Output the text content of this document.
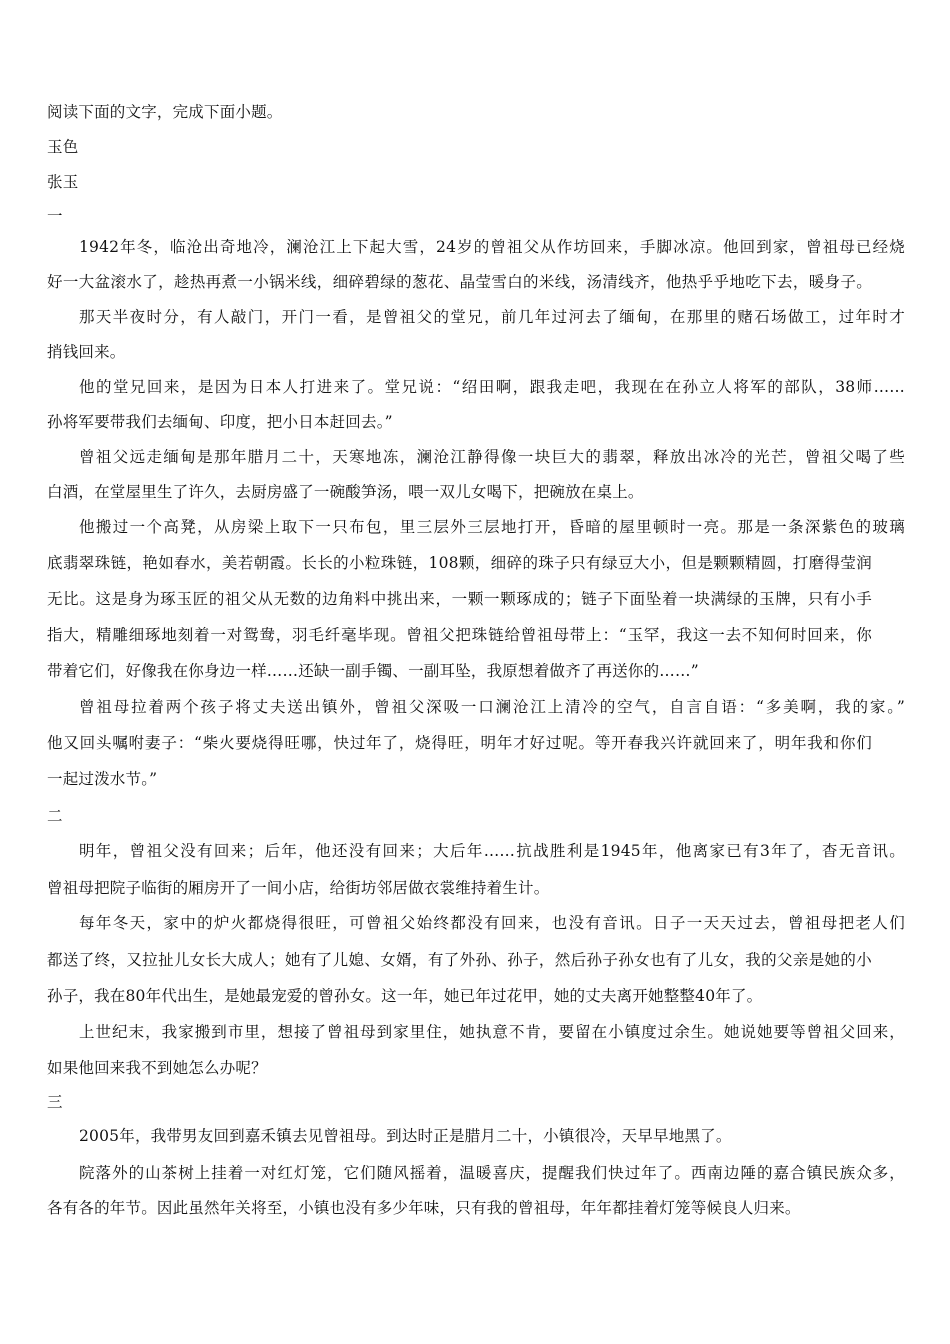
阅读下面的文字，完成下面小题。
玉色
张玉
一
1942年冬，临沧出奇地冷，澜沧江上下起大雪，24岁的曾祖父从作坊回来，手脚冰凉。他回到家，曾祖母已经烧
好一大盆滚水了，趁热再煮一小锅米线，细碎碧绿的葱花、晶莹雪白的米线，汤清线齐，他热乎乎地吃下去，暖身子。
那天半夜时分，有人敲门，开门一看，是曾祖父的堂兄，前几年过河去了缅甸，在那里的赌石场做工，过年时才
捎钱回来。
他的堂兄回来，是因为日本人打进来了。堂兄说：“绍田啊，跟我走吧，我现在在孙立人将军的部队，38师……
孙将军要带我们去缅甸、印度，把小日本赶回去。”
曾祖父远走缅甸是那年腊月二十，天寒地冻，澜沧江静得像一块巨大的翡翠，释放出冰冷的光芒，曾祖父喝了些
白酒，在堂屋里生了许久，去厨房盛了一碗酸笋汤，喂一双儿女喝下，把碗放在桌上。
他搬过一个高凳，从房梁上取下一只布包，里三层外三层地打开，昏暗的屋里顿时一亮。那是一条深紫色的玻璃
底翡翠珠链，艳如春水，美若朝霞。长长的小粒珠链，108颗，细碎的珠子只有绿豆大小，但是颗颗精圆，打磨得莹润
无比。这是身为琢玉匠的祖父从无数的边角料中挑出来，一颗一颗琢成的；链子下面坠着一块满绿的玉牌，只有小手
指大，精雕细琢地刻着一对鸳鸯，羽毛纤毫毕现。曾祖父把珠链给曾祖母带上：“玉罕，我这一去不知何时回来，你
带着它们，好像我在你身边一样……还缺一副手镯、一副耳坠，我原想着做齐了再送你的……”
曾祖母拉着两个孩子将丈夫送出镇外，曾祖父深吸一口澜沧江上清冷的空气，自言自语：“多美啊，我的家。”
他又回头嘱咐妻子：“柴火要烧得旺哪，快过年了，烧得旺，明年才好过呢。等开春我兴许就回来了，明年我和你们
一起过泼水节。”
二
明年，曾祖父没有回来；后年，他还没有回来；大后年……抗战胜利是1945年，他离家已有3年了，杳无音讯。
曾祖母把院子临街的厢房开了一间小店，给街坊邻居做衣裳维持着生计。
每年冬天，家中的炉火都烧得很旺，可曾祖父始终都没有回来，也没有音讯。日子一天天过去，曾祖母把老人们
都送了终，又拉扯儿女长大成人；她有了儿媳、女婿，有了外孙、孙子，然后孙子孙女也有了儿女，我的父亲是她的小
孙子，我在80年代出生，是她最宠爱的曾孙女。这一年，她已年过花甲，她的丈夫离开她整整40年了。
上世纪末，我家搬到市里，想接了曾祖母到家里住，她执意不肯，要留在小镇度过余生。她说她要等曾祖父回来，
如果他回来我不到她怎么办呢？
三
2005年，我带男友回到嘉禾镇去见曾祖母。到达时正是腊月二十，小镇很冷，天早早地黑了。
院落外的山茶树上挂着一对红灯笼，它们随风摇着，温暖喜庆，提醒我们快过年了。西南边陲的嘉合镇民族众多，
各有各的年节。因此虽然年关将至，小镇也没有多少年味，只有我的曾祖母，年年都挂着灯笼等候良人归来。
